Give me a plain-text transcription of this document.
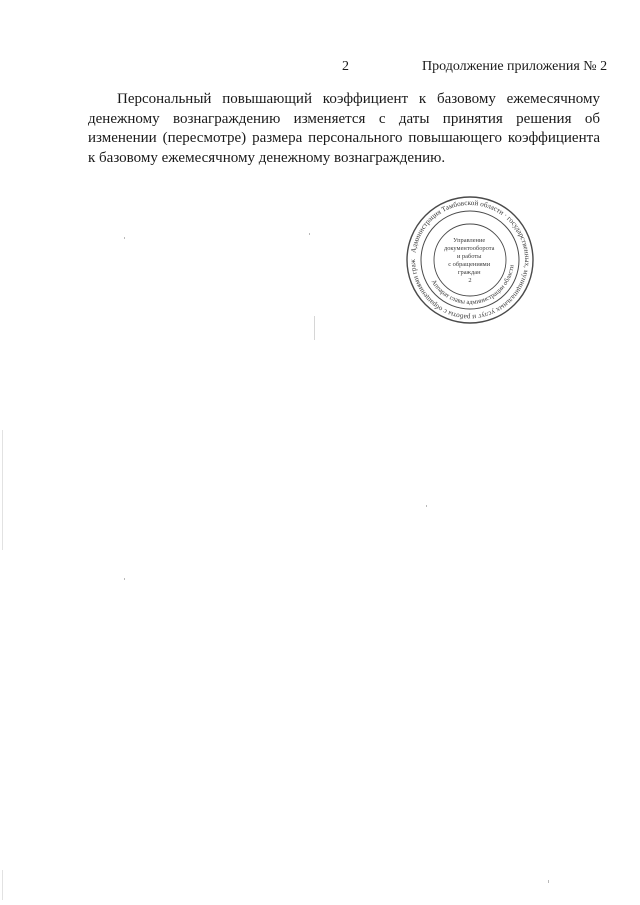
2	Продолжение приложения № 2

Персональный повышающий коэффициент к базовому ежемесячному денежному вознаграждению изменяется с даты принятия решения об изменении (пересмотре) размера персонального повышающего коэффициента к базовому ежемесячному денежному вознаграждению.

Администрация Тамбовской области · государственных, муниципальных услуг и работы с обращениями граж
Аппарат главы администрации области
Управление документооборота и работы с обращениями граждан 2
